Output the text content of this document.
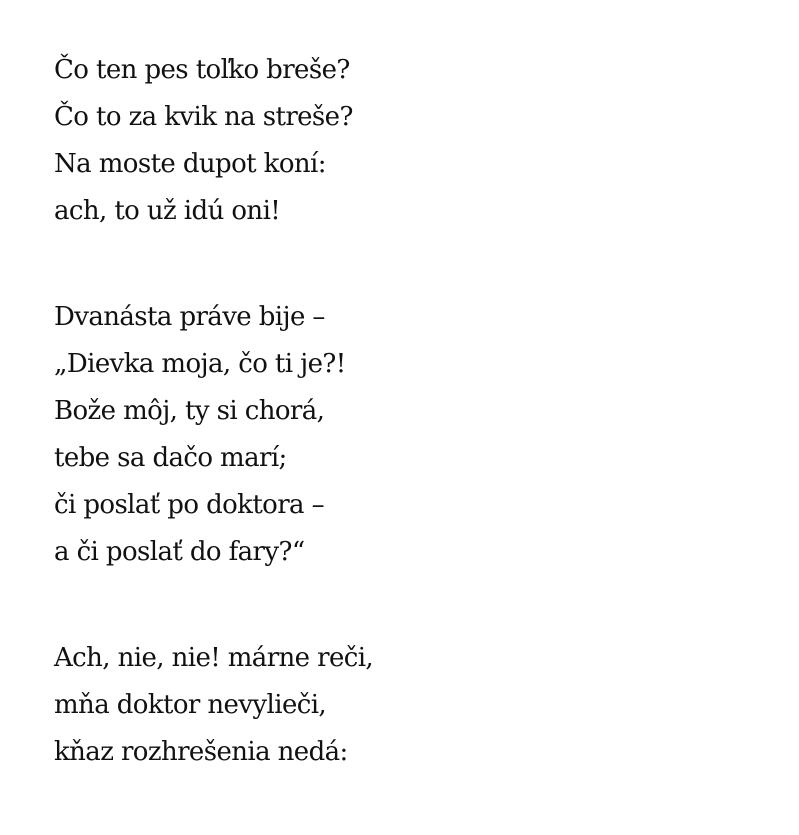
Čo ten pes toľko breše?
Čo to za kvik na streše?
Na moste dupot koní:
ach, to už idú oni!
Dvanásta práve bije –
„Dievka moja, čo ti je?!
Bože môj, ty si chorá,
tebe sa dačo marí;
či poslať po doktora –
a či poslať do fary?“
Ach, nie, nie! márne reči,
mňa doktor nevylieči,
kňaz rozhrešenia nedá:
